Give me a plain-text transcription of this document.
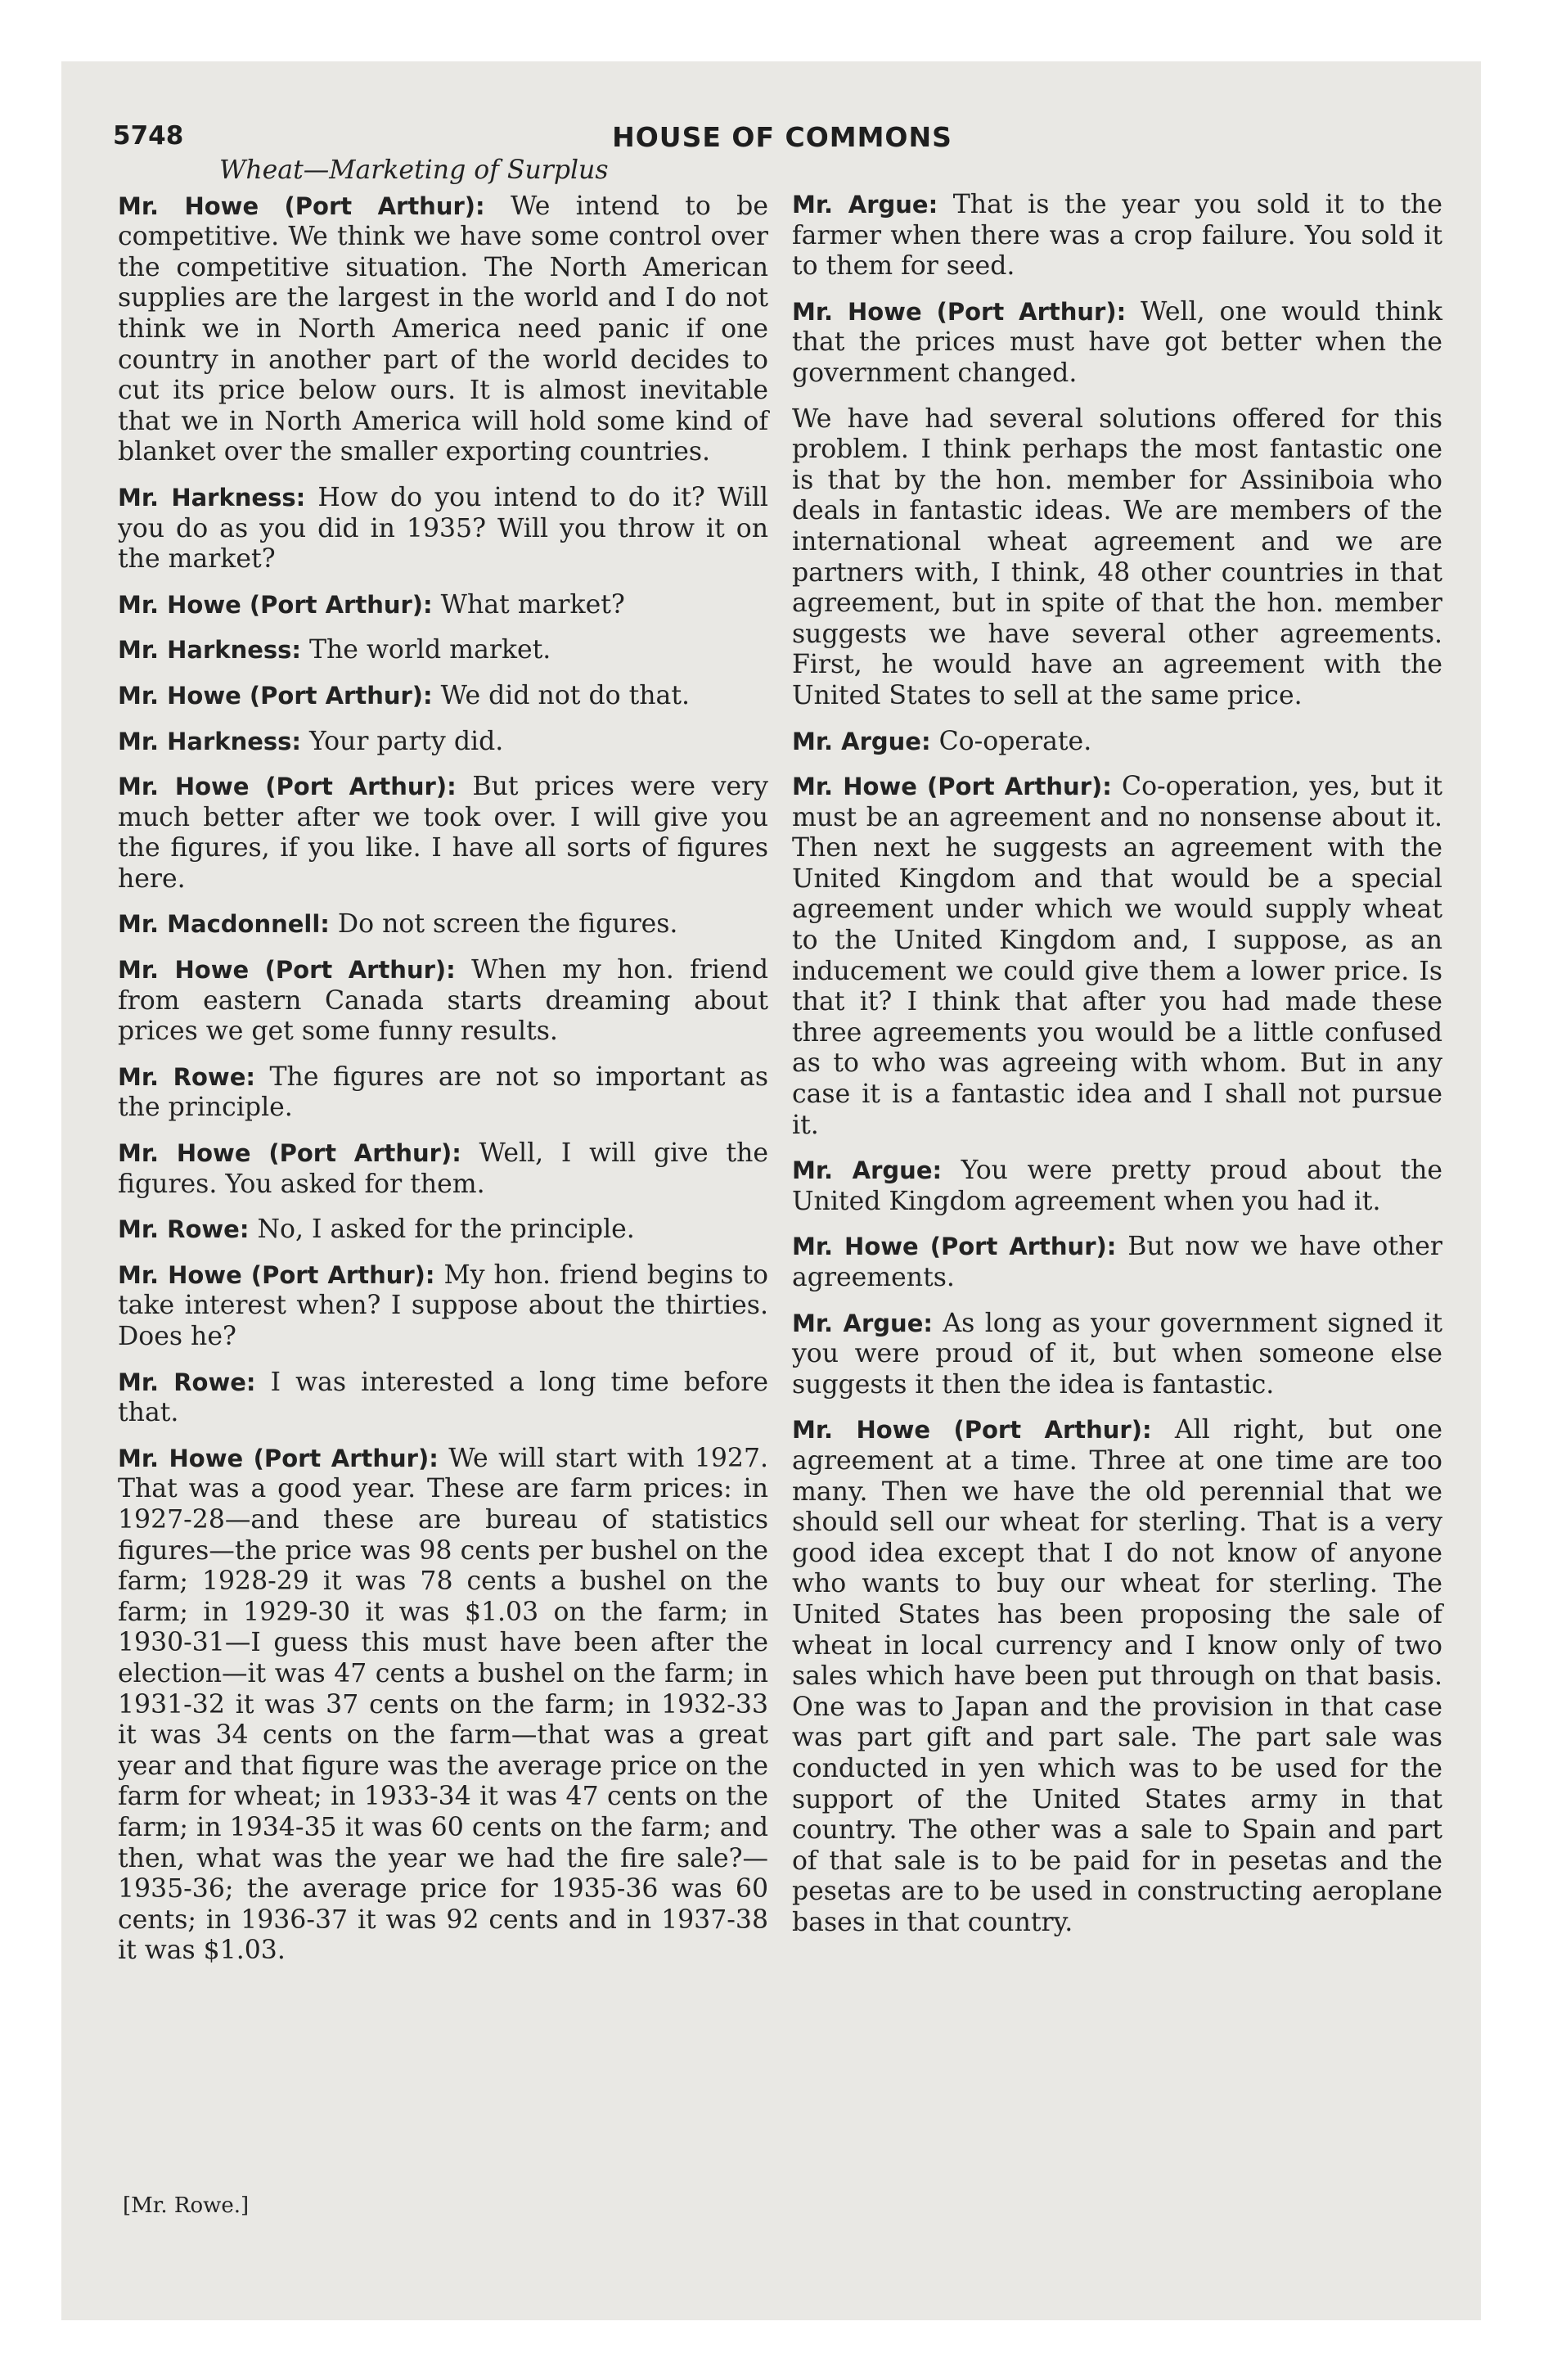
5748	HOUSE OF COMMONS
Wheat—Marketing of Surplus

Mr. Howe (Port Arthur): We intend to be competitive. We think we have some control over the competitive situation. The North American supplies are the largest in the world and I do not think we in North America need panic if one country in another part of the world decides to cut its price below ours. It is almost inevitable that we in North America will hold some kind of blanket over the smaller exporting countries.

Mr. Harkness: How do you intend to do it? Will you do as you did in 1935? Will you throw it on the market?

Mr. Howe (Port Arthur): What market?

Mr. Harkness: The world market.

Mr. Howe (Port Arthur): We did not do that.

Mr. Harkness: Your party did.

Mr. Howe (Port Arthur): But prices were very much better after we took over. I will give you the figures, if you like. I have all sorts of figures here.

Mr. Macdonnell: Do not screen the figures.

Mr. Howe (Port Arthur): When my hon. friend from eastern Canada starts dreaming about prices we get some funny results.

Mr. Rowe: The figures are not so important as the principle.

Mr. Howe (Port Arthur): Well, I will give the figures. You asked for them.

Mr. Rowe: No, I asked for the principle.

Mr. Howe (Port Arthur): My hon. friend begins to take interest when? I suppose about the thirties. Does he?

Mr. Rowe: I was interested a long time before that.

Mr. Howe (Port Arthur): We will start with 1927. That was a good year. These are farm prices: in 1927-28—and these are bureau of statistics figures—the price was 98 cents per bushel on the farm; 1928-29 it was 78 cents a bushel on the farm; in 1929-30 it was $1.03 on the farm; in 1930-31—I guess this must have been after the election—it was 47 cents a bushel on the farm; in 1931-32 it was 37 cents on the farm; in 1932-33 it was 34 cents on the farm—that was a great year and that figure was the average price on the farm for wheat; in 1933-34 it was 47 cents on the farm; in 1934-35 it was 60 cents on the farm; and then, what was the year we had the fire sale?—1935-36; the average price for 1935-36 was 60 cents; in 1936-37 it was 92 cents and in 1937-38 it was $1.03.

Mr. Argue: That is the year you sold it to the farmer when there was a crop failure. You sold it to them for seed.

Mr. Howe (Port Arthur): Well, one would think that the prices must have got better when the government changed.

We have had several solutions offered for this problem. I think perhaps the most fantastic one is that by the hon. member for Assiniboia who deals in fantastic ideas. We are members of the international wheat agreement and we are partners with, I think, 48 other countries in that agreement, but in spite of that the hon. member suggests we have several other agreements. First, he would have an agreement with the United States to sell at the same price.

Mr. Argue: Co-operate.

Mr. Howe (Port Arthur): Co-operation, yes, but it must be an agreement and no nonsense about it. Then next he suggests an agreement with the United Kingdom and that would be a special agreement under which we would supply wheat to the United Kingdom and, I suppose, as an inducement we could give them a lower price. Is that it? I think that after you had made these three agreements you would be a little confused as to who was agreeing with whom. But in any case it is a fantastic idea and I shall not pursue it.

Mr. Argue: You were pretty proud about the United Kingdom agreement when you had it.

Mr. Howe (Port Arthur): But now we have other agreements.

Mr. Argue: As long as your government signed it you were proud of it, but when someone else suggests it then the idea is fantastic.

Mr. Howe (Port Arthur): All right, but one agreement at a time. Three at one time are too many. Then we have the old perennial that we should sell our wheat for sterling. That is a very good idea except that I do not know of anyone who wants to buy our wheat for sterling. The United States has been proposing the sale of wheat in local currency and I know only of two sales which have been put through on that basis. One was to Japan and the provision in that case was part gift and part sale. The part sale was conducted in yen which was to be used for the support of the United States army in that country. The other was a sale to Spain and part of that sale is to be paid for in pesetas and the pesetas are to be used in constructing aeroplane bases in that country.

[Mr. Rowe.]
